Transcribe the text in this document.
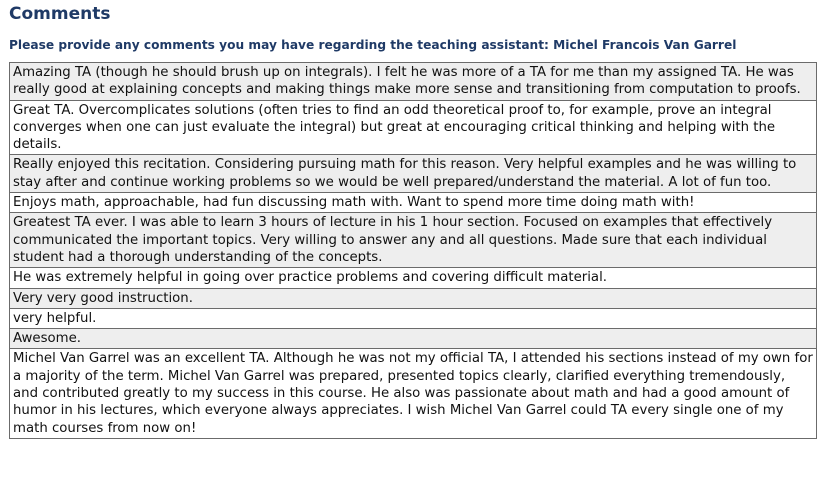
Comments

Please provide any comments you may have regarding the teaching assistant: Michel Francois Van Garrel

Amazing TA (though he should brush up on integrals). I felt he was more of a TA for me than my assigned TA. He was really good at explaining concepts and making things make more sense and transitioning from computation to proofs.
Great TA. Overcomplicates solutions (often tries to find an odd theoretical proof to, for example, prove an integral converges when one can just evaluate the integral) but great at encouraging critical thinking and helping with the details.
Really enjoyed this recitation. Considering pursuing math for this reason. Very helpful examples and he was willing to stay after and continue working problems so we would be well prepared/understand the material. A lot of fun too.
Enjoys math, approachable, had fun discussing math with. Want to spend more time doing math with!
Greatest TA ever. I was able to learn 3 hours of lecture in his 1 hour section. Focused on examples that effectively communicated the important topics. Very willing to answer any and all questions. Made sure that each individual student had a thorough understanding of the concepts.
He was extremely helpful in going over practice problems and covering difficult material.
Very very good instruction.
very helpful.
Awesome.
Michel Van Garrel was an excellent TA. Although he was not my official TA, I attended his sections instead of my own for a majority of the term. Michel Van Garrel was prepared, presented topics clearly, clarified everything tremendously, and contributed greatly to my success in this course. He also was passionate about math and had a good amount of humor in his lectures, which everyone always appreciates. I wish Michel Van Garrel could TA every single one of my math courses from now on!
